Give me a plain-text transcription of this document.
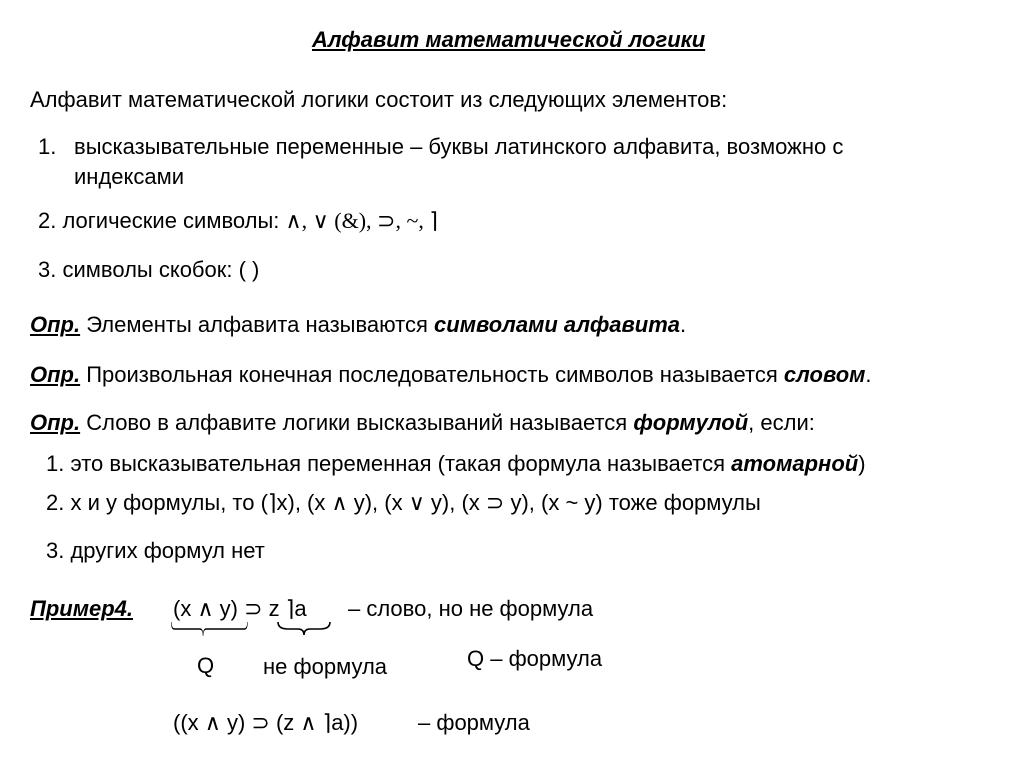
Алфавит математической логики
Алфавит математической логики состоит из следующих элементов:
1. высказывательные переменные – буквы латинского алфавита, возможно с
индексами
2. логические символы: ∧, ∨ (&), ⊃, ~, ⌉
3. символы скобок: ( )
Опр. Элементы алфавита называются символами алфавита.
Опр. Произвольная конечная последовательность символов называется словом.
Опр. Слово в алфавите логики высказываний называется формулой, если:
1. это высказывательная переменная (такая формула называется атомарной)
2. x и y формулы, то (⌉x), (x ∧ y), (x ∨ y), (x ⊃ y), (x ~ y) тоже формулы
3. других формул нет
Пример4. (x ∧ y) ⊃ z ⌉a – слово, но не формула
Q не формула	Q – формула
((x ∧ y) ⊃ (z ∧ ⌉a))	– формула
